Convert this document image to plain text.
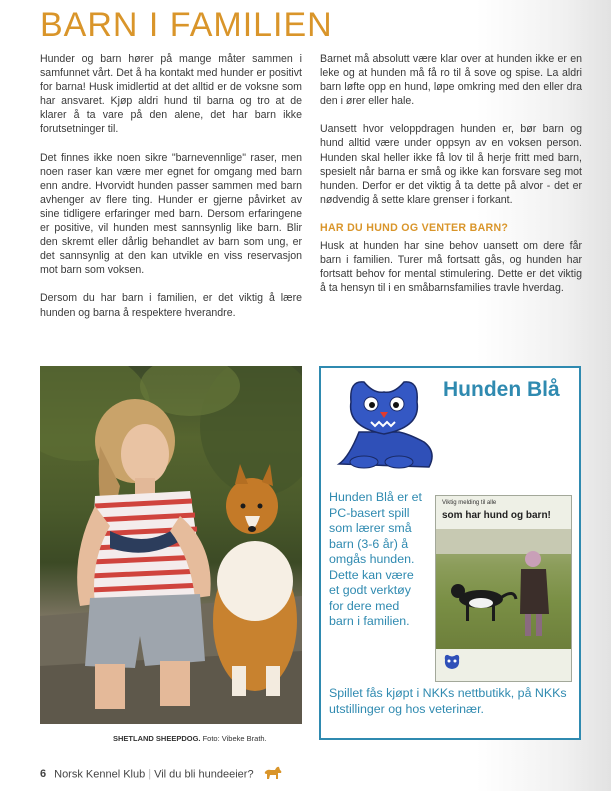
BARN I FAMILIEN

Hunder og barn hører på mange måter sammen i samfunnet vårt. Det å ha kontakt med hunder er positivt for barna! Husk imidlertid at det alltid er de voksne som har ansvaret. Kjøp aldri hund til barna og tro at de klarer å ta vare på den alene, det har barn ikke forutsetninger til.

Det finnes ikke noen sikre "barnevennlige" raser, men noen raser kan være mer egnet for omgang med barn enn andre. Hvorvidt hunden passer sammen med barn avhenger av flere ting. Hunder er gjerne påvirket av sine tidligere erfaringer med barn. Dersom erfaringene er positive, vil hunden mest sannsynlig like barn. Blir den skremt eller dårlig behandlet av barn som ung, er det sannsynlig at den kan utvikle en viss reservasjon mot barn som voksen.

Dersom du har barn i familien, er det viktig å lære hunden og barna å respektere hverandre.

Barnet må absolutt være klar over at hunden ikke er en leke og at hunden må få ro til å sove og spise. La aldri barn løfte opp en hund, løpe omkring med den eller dra den i ører eller hale.

Uansett hvor veloppdragen hunden er, bør barn og hund alltid være under oppsyn av en voksen person. Hunden skal heller ikke få lov til å herje fritt med barn, spesielt når barna er små og ikke kan forsvare seg mot hunden. Derfor er det viktig å ta dette på alvor - det er nødvendig å sette klare grenser i forkant.

HAR DU HUND OG VENTER BARN?

Husk at hunden har sine behov uansett om dere får barn i familien. Turer må fortsatt gås, og hunden har fortsatt behov for mental stimulering. Dette er det viktig å ta hensyn til i en småbarnsfamilies travle hverdag.

SHETLAND SHEEPDOG. Foto: Vibeke Brath.
Hunden Blå
Hunden Blå er et PC-basert spill som lærer små barn (3-6 år) å omgås hunden. Dette kan være et godt verktøy for dere med barn i familien.
Viktig melding til alle
som har hund og barn!
Spillet fås kjøpt i NKKs nettbutikk, på NKKs utstillinger og hos veterinær.
6 Norsk Kennel Klub | Vil du bli hundeeier?
